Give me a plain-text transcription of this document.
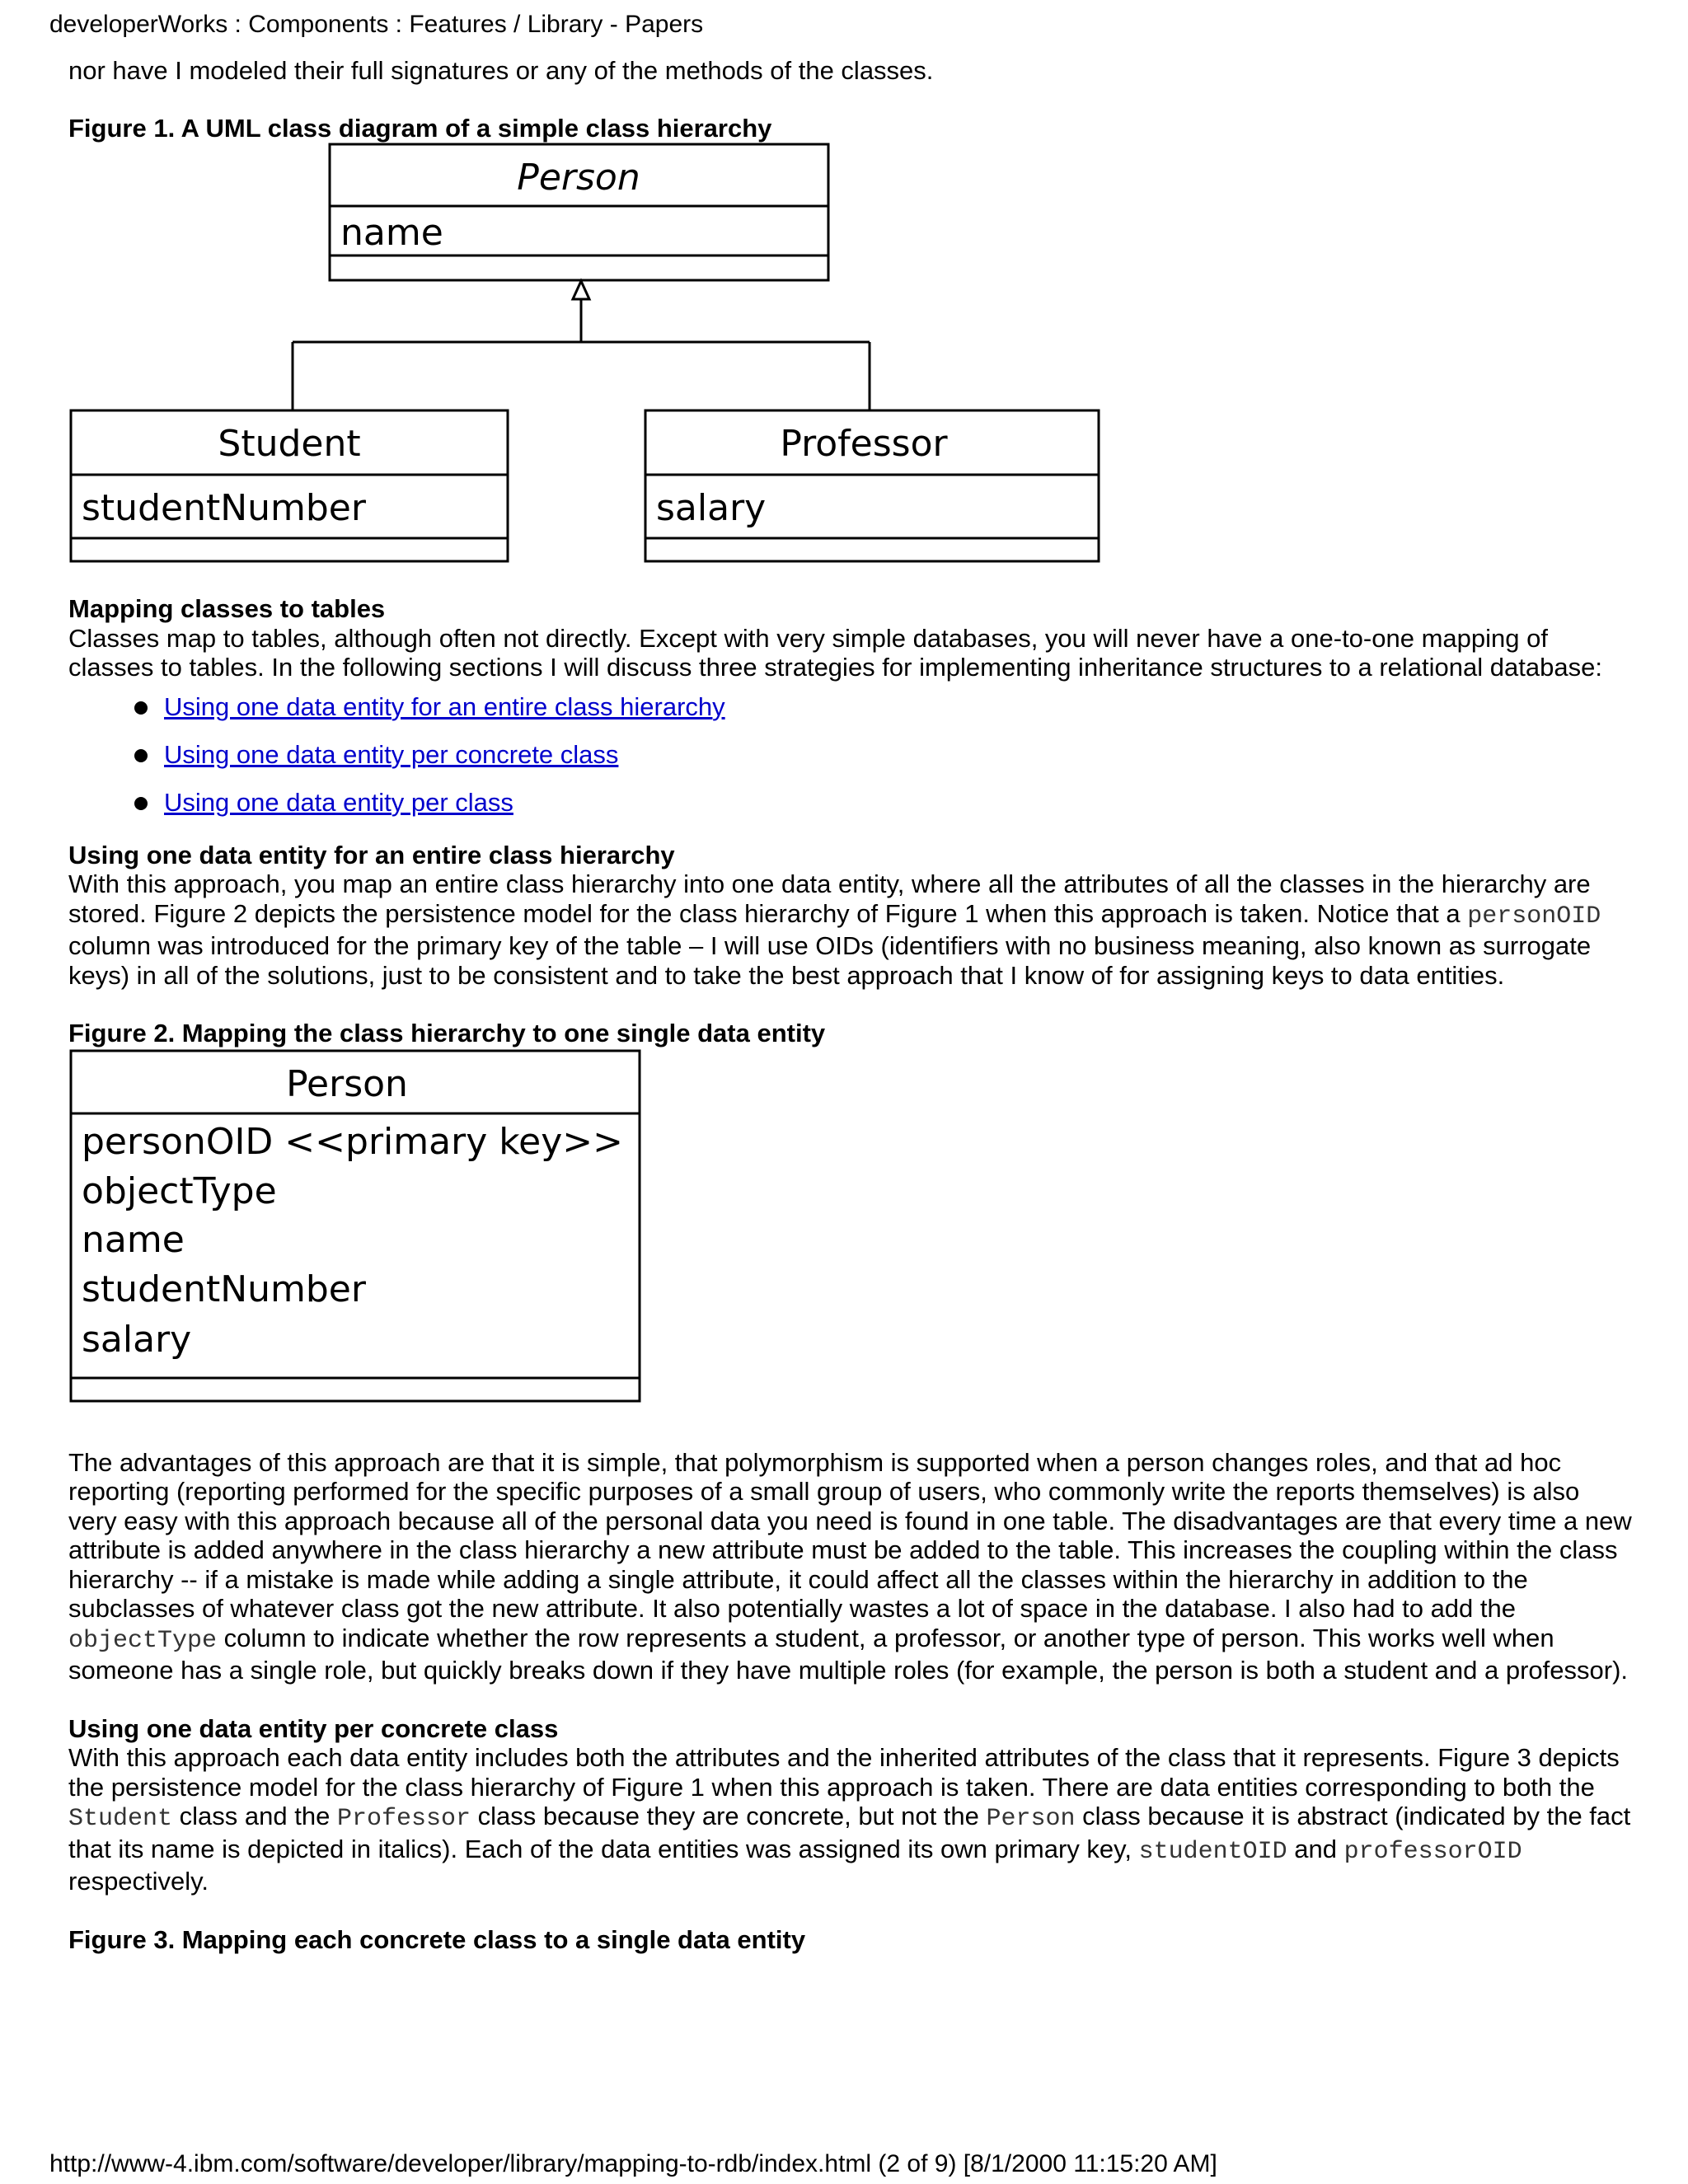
developerWorks : Components : Features / Library - Papers

nor have I modeled their full signatures or any of the methods of the classes.

Figure 1. A UML class diagram of a simple class hierarchy
Person
name
Student
studentNumber
Professor
salary
Mapping classes to tables

Classes map to tables, although often not directly. Except with very simple databases, you will never have a one-to-one mapping of classes to tables. In the following sections I will discuss three strategies for implementing inheritance structures to a relational database:

Using one data entity for an entire class hierarchy
Using one data entity per concrete class
Using one data entity per class
Using one data entity for an entire class hierarchy

With this approach, you map an entire class hierarchy into one data entity, where all the attributes of all the classes in the hierarchy are stored. Figure 2 depicts the persistence model for the class hierarchy of Figure 1 when this approach is taken. Notice that a personOID column was introduced for the primary key of the table – I will use OIDs (identifiers with no business meaning, also known as surrogate keys) in all of the solutions, just to be consistent and to take the best approach that I know of for assigning keys to data entities.

Figure 2. Mapping the class hierarchy to one single data entity
Person
personOID <<primary key>>
objectType
name
studentNumber
salary

The advantages of this approach are that it is simple, that polymorphism is supported when a person changes roles, and that ad hoc reporting (reporting performed for the specific purposes of a small group of users, who commonly write the reports themselves) is also very easy with this approach because all of the personal data you need is found in one table. The disadvantages are that every time a new attribute is added anywhere in the class hierarchy a new attribute must be added to the table. This increases the coupling within the class hierarchy -- if a mistake is made while adding a single attribute, it could affect all the classes within the hierarchy in addition to the subclasses of whatever class got the new attribute. It also potentially wastes a lot of space in the database. I also had to add the objectType column to indicate whether the row represents a student, a professor, or another type of person. This works well when someone has a single role, but quickly breaks down if they have multiple roles (for example, the person is both a student and a professor).

Using one data entity per concrete class

With this approach each data entity includes both the attributes and the inherited attributes of the class that it represents. Figure 3 depicts the persistence model for the class hierarchy of Figure 1 when this approach is taken. There are data entities corresponding to both the Student class and the Professor class because they are concrete, but not the Person class because it is abstract (indicated by the fact that its name is depicted in italics). Each of the data entities was assigned its own primary key, studentOID and professorOID respectively.

Figure 3. Mapping each concrete class to a single data entity
http://www-4.ibm.com/software/developer/library/mapping-to-rdb/index.html (2 of 9) [8/1/2000 11:15:20 AM]
